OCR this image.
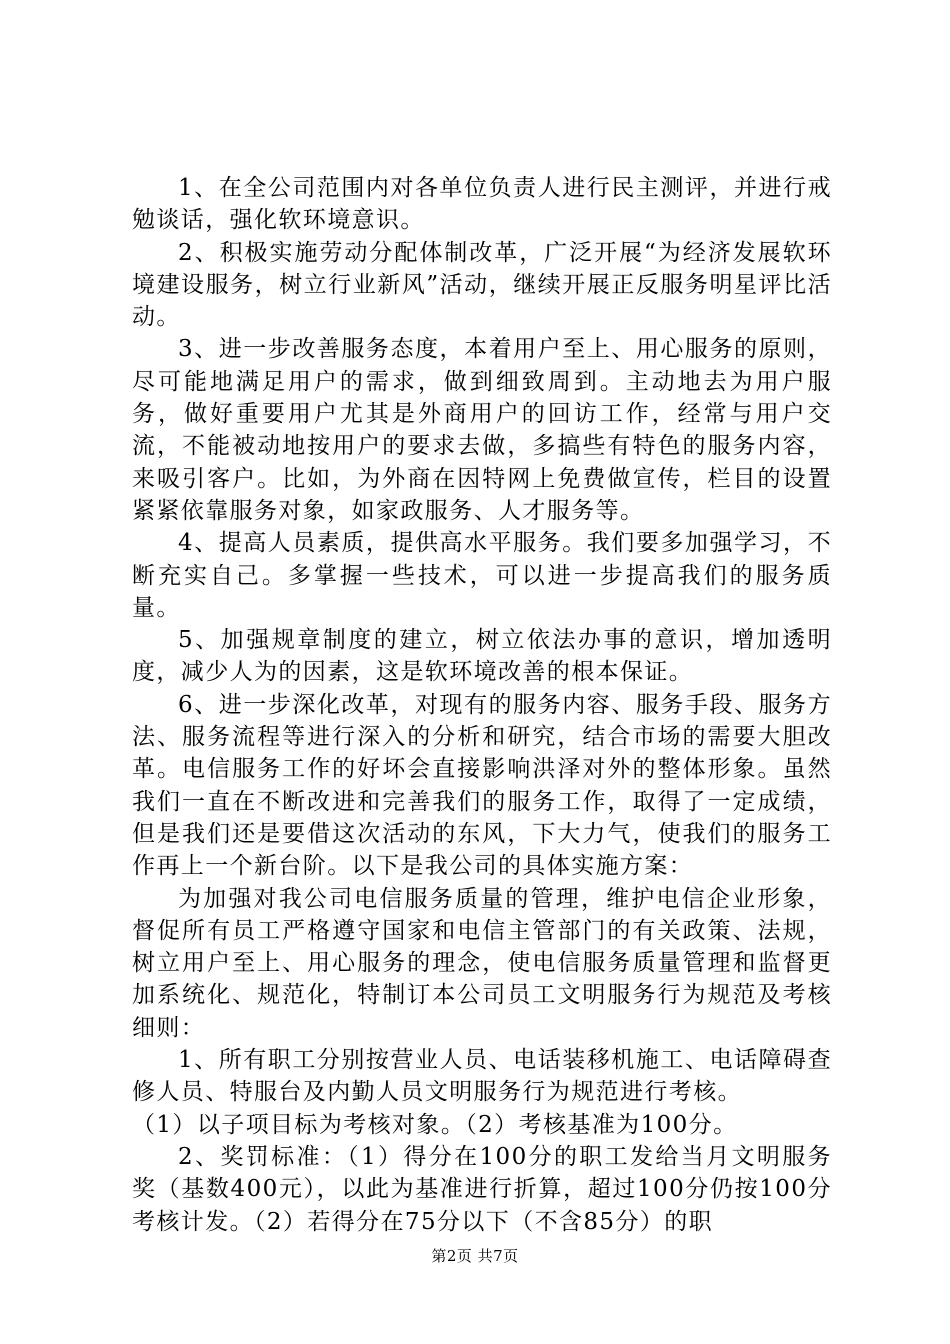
1、在全公司范围内对各单位负责人进行民主测评，并进行戒勉谈话，强化软环境意识。

2、积极实施劳动分配体制改革，广泛开展“为经济发展软环境建设服务，树立行业新风”活动，继续开展正反服务明星评比活动。

3、进一步改善服务态度，本着用户至上、用心服务的原则，尽可能地满足用户的需求，做到细致周到。主动地去为用户服务，做好重要用户尤其是外商用户的回访工作，经常与用户交流，不能被动地按用户的要求去做，多搞些有特色的服务内容，来吸引客户。比如，为外商在因特网上免费做宣传，栏目的设置紧紧依靠服务对象，如家政服务、人才服务等。

4、提高人员素质，提供高水平服务。我们要多加强学习，不断充实自己。多掌握一些技术，可以进一步提高我们的服务质量。

5、加强规章制度的建立，树立依法办事的意识，增加透明度，减少人为的因素，这是软环境改善的根本保证。

6、进一步深化改革，对现有的服务内容、服务手段、服务方法、服务流程等进行深入的分析和研究，结合市场的需要大胆改革。电信服务工作的好坏会直接影响洪泽对外的整体形象。虽然我们一直在不断改进和完善我们的服务工作，取得了一定成绩，但是我们还是要借这次活动的东风，下大力气，使我们的服务工作再上一个新台阶。以下是我公司的具体实施方案：

为加强对我公司电信服务质量的管理，维护电信企业形象，督促所有员工严格遵守国家和电信主管部门的有关政策、法规，树立用户至上、用心服务的理念，使电信服务质量管理和监督更加系统化、规范化，特制订本公司员工文明服务行为规范及考核细则：

1、所有职工分别按营业人员、电话装移机施工、电话障碍查修人员、特服台及内勤人员文明服务行为规范进行考核。

（1）以子项目标为考核对象。（2）考核基准为100分。

2、奖罚标准：（1）得分在100分的职工发给当月文明服务奖（基数400元），以此为基准进行折算，超过100分仍按100分考核计发。（2）若得分在75分以下（不含85分）的职

第2页 共7页
